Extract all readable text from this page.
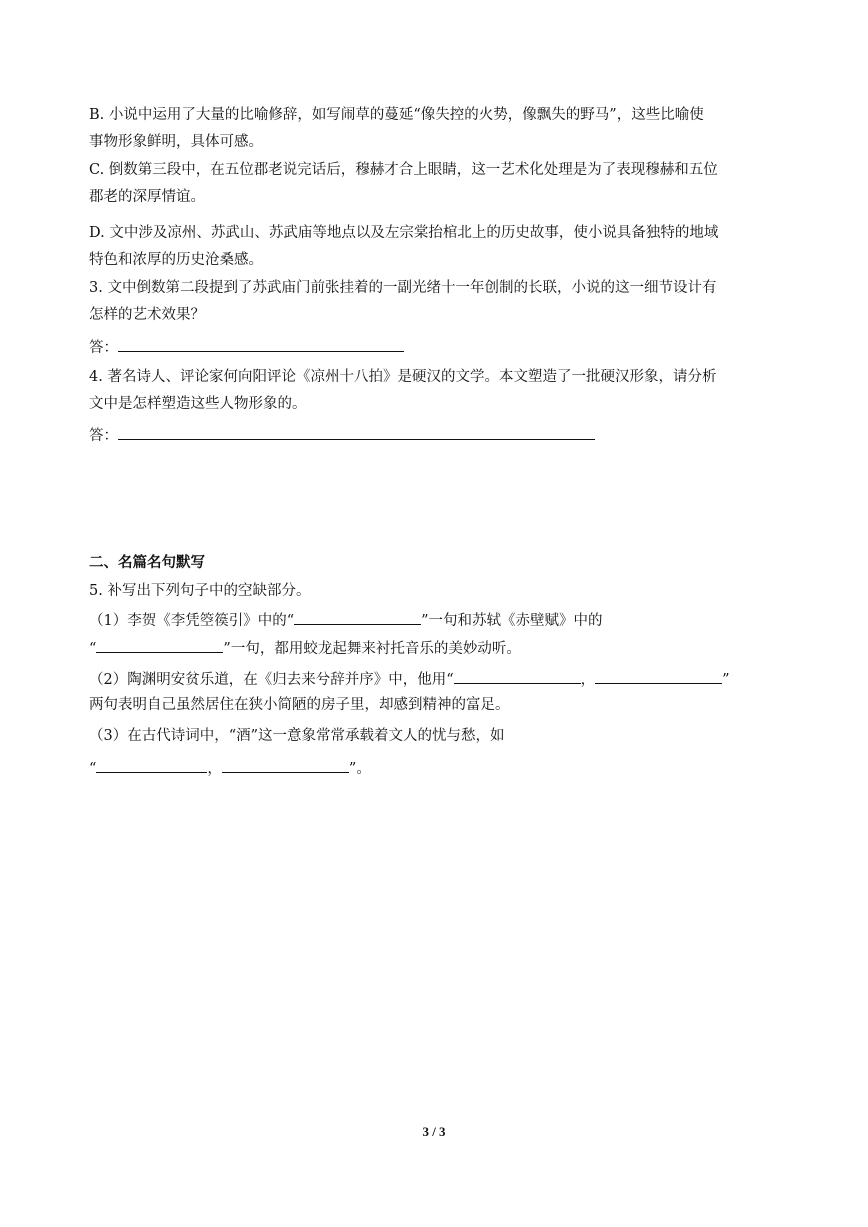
B. 小说中运用了大量的比喻修辞，如写闹草的蔓延“像失控的火势，像飘失的野马”，这些比喻使
事物形象鲜明，具体可感。
C. 倒数第三段中，在五位郡老说完话后，穆赫才合上眼睛，这一艺术化处理是为了表现穆赫和五位
郡老的深厚情谊。
D. 文中涉及凉州、苏武山、苏武庙等地点以及左宗棠抬棺北上的历史故事，使小说具备独特的地域
特色和浓厚的历史沧桑感。
3. 文中倒数第二段提到了苏武庙门前张挂着的一副光绪十一年创制的长联，小说的这一细节设计有
怎样的艺术效果？
答：
4. 著名诗人、评论家何向阳评论《凉州十八拍》是硬汉的文学。本文塑造了一批硬汉形象，请分析
文中是怎样塑造这些人物形象的。
答：
二、名篇名句默写
5. 补写出下列句子中的空缺部分。
（1）李贺《李凭箜篌引》中的“	”一句和苏轼《赤壁赋》中的
“	”一句，都用蛟龙起舞来衬托音乐的美妙动听。
（2）陶渊明安贫乐道，在《归去来兮辞并序》中，他用“	，	”
两句表明自己虽然居住在狭小简陋的房子里，却感到精神的富足。
（3）在古代诗词中，“酒”这一意象常常承载着文人的忧与愁，如
“	，	”。
3 / 3
